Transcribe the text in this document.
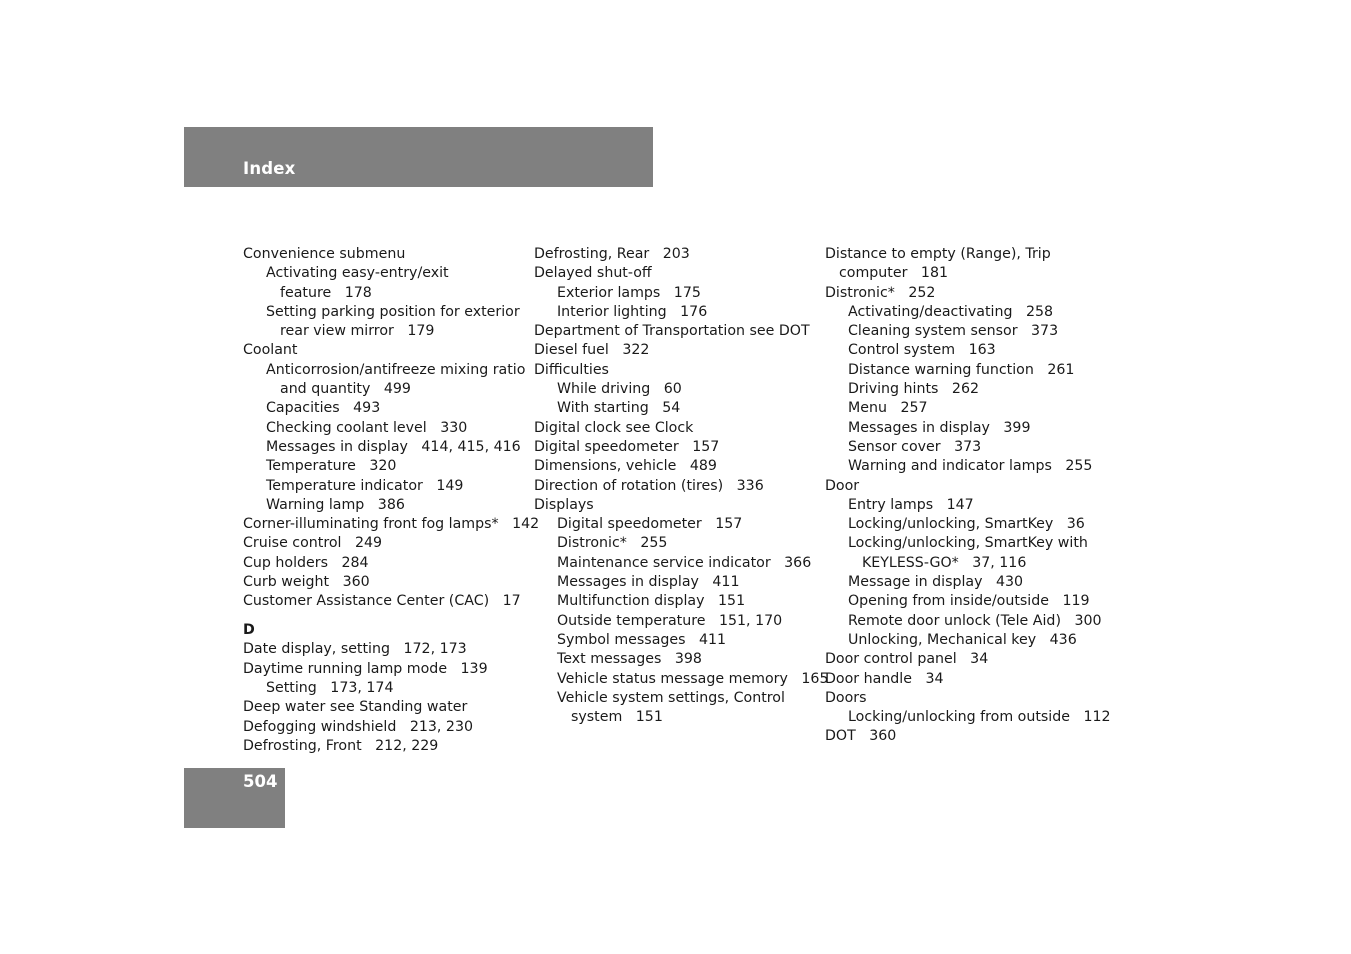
Index
Convenience submenu
Activating easy-entry/exit
feature 178
Setting parking position for exterior
rear view mirror 179
Coolant
Anticorrosion/antifreeze mixing ratio
and quantity 499
Capacities 493
Checking coolant level 330
Messages in display 414, 415, 416
Temperature 320
Temperature indicator 149
Warning lamp 386
Corner-illuminating front fog lamps* 142
Cruise control 249
Cup holders 284
Curb weight 360
Customer Assistance Center (CAC) 17
D
Date display, setting 172, 173
Daytime running lamp mode 139
Setting 173, 174
Deep water see Standing water
Defogging windshield 213, 230
Defrosting, Front 212, 229
Defrosting, Rear 203
Delayed shut-off
Exterior lamps 175
Interior lighting 176
Department of Transportation see DOT
Diesel fuel 322
Difficulties
While driving 60
With starting 54
Digital clock see Clock
Digital speedometer 157
Dimensions, vehicle 489
Direction of rotation (tires) 336
Displays
Digital speedometer 157
Distronic* 255
Maintenance service indicator 366
Messages in display 411
Multifunction display 151
Outside temperature 151, 170
Symbol messages 411
Text messages 398
Vehicle status message memory 165
Vehicle system settings, Control
system 151
Distance to empty (Range), Trip
computer 181
Distronic* 252
Activating/deactivating 258
Cleaning system sensor 373
Control system 163
Distance warning function 261
Driving hints 262
Menu 257
Messages in display 399
Sensor cover 373
Warning and indicator lamps 255
Door
Entry lamps 147
Locking/unlocking, SmartKey 36
Locking/unlocking, SmartKey with
KEYLESS-GO* 37, 116
Message in display 430
Opening from inside/outside 119
Remote door unlock (Tele Aid) 300
Unlocking, Mechanical key 436
Door control panel 34
Door handle 34
Doors
Locking/unlocking from outside 112
DOT 360
504
